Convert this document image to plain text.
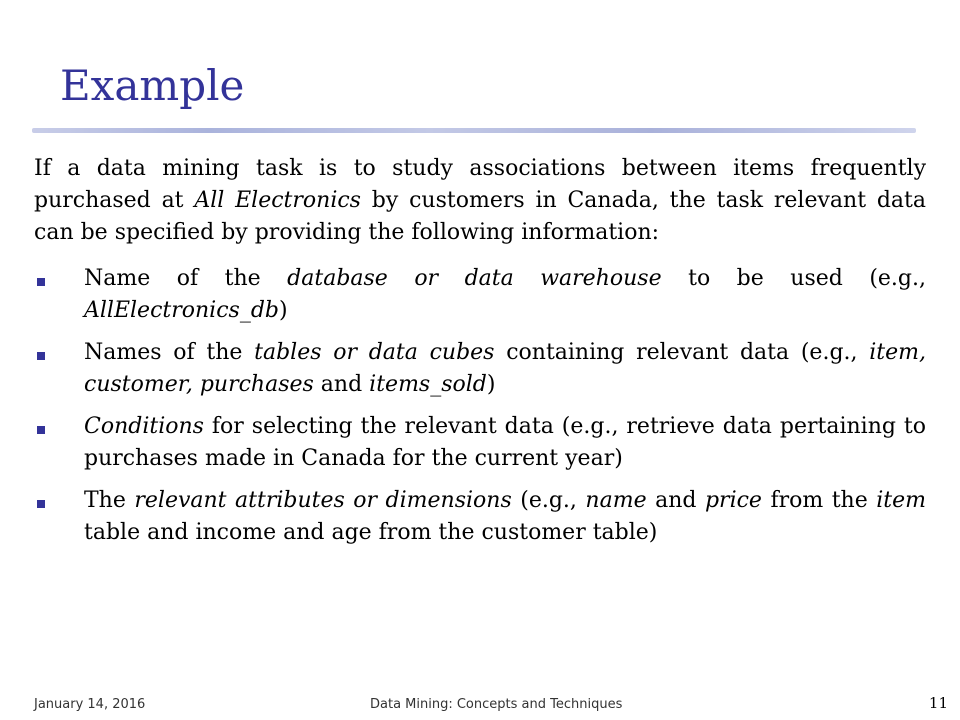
Example

If a data mining task is to study associations between items frequently purchased at All Electronics by customers in Canada, the task relevant data can be specified by providing the following information:

Name of the database or data warehouse to be used (e.g., AllElectronics_db)
Names of the tables or data cubes containing relevant data (e.g., item, customer, purchases and items_sold)
Conditions for selecting the relevant data (e.g., retrieve data pertaining to purchases made in Canada for the current year)
The relevant attributes or dimensions (e.g., name and price from the item table and income and age from the customer table)
January 14, 2016	Data Mining: Concepts and Techniques	11
